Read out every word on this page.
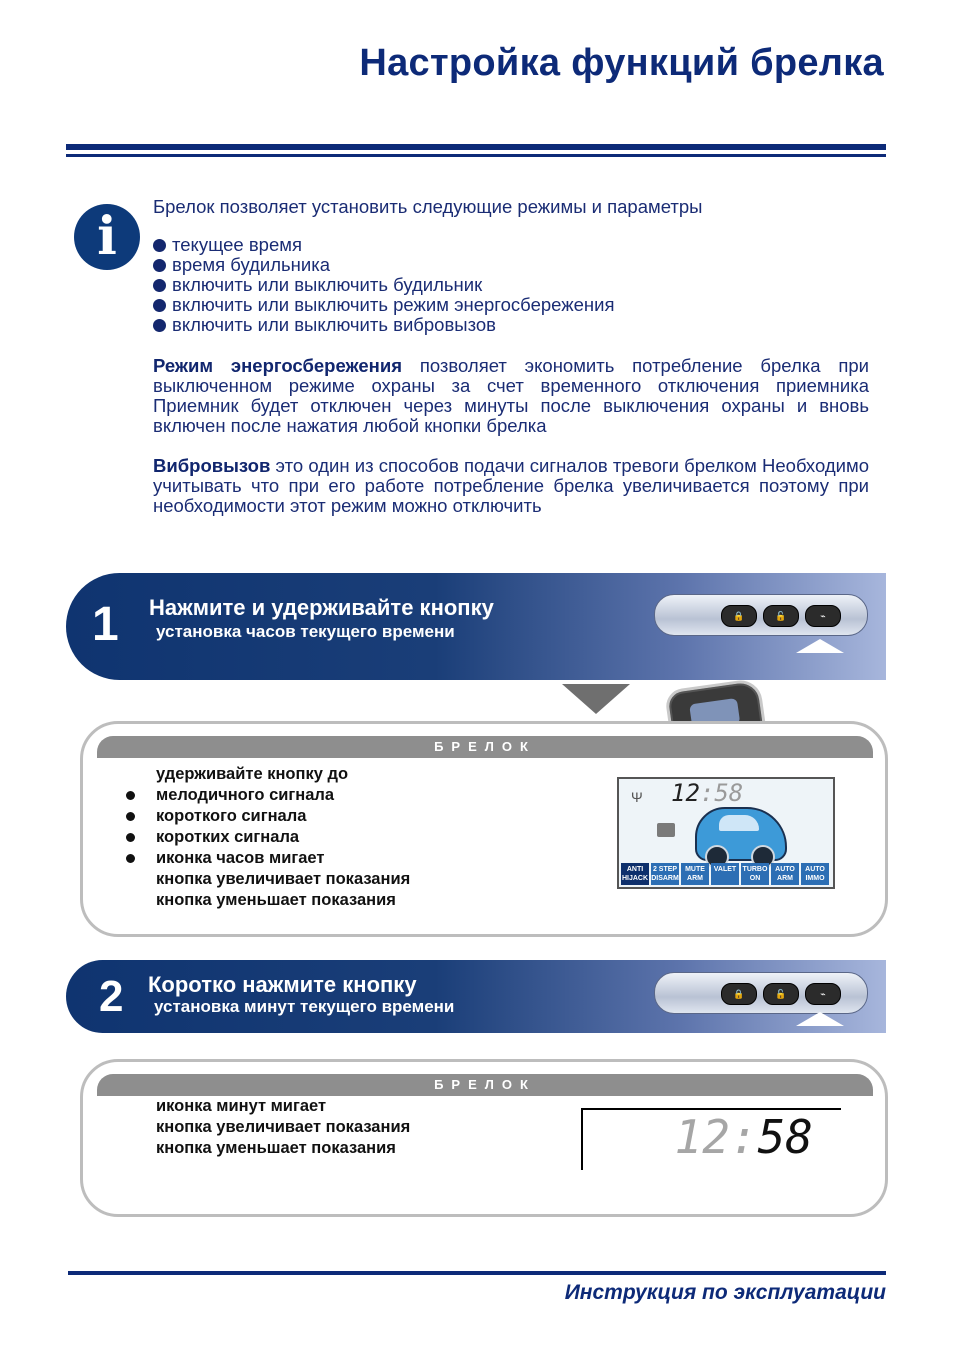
Настройка функций брелка
i	Брелок позволяет установить следующие режимы и параметры
текущее время
время будильника
включить или выключить будильник
включить или выключить режим энергосбережения
включить или выключить вибровызов

Режим энергосбережения позволяет экономить потребление брелка при выключенном режиме охраны за счет временного отключения приемника Приемник будет отключен через минуты после выключения охраны и вновь включен после нажатия любой кнопки брелка

Вибровызов это один из способов подачи сигналов тревоги брелком Необходимо учитывать что при его работе потребление брелка увеличивается поэтому при необходимости этот режим можно отключить

1 Нажмите и удерживайте кнопку
установка часов текущего времени
🔒	🔓	⌁
БРЕЛОК
удерживайте кнопку до
мелодичного сигнала
короткого сигнала
коротких сигнала
иконка часов мигает
кнопка увеличивает показания
кнопка уменьшает показания
Ψ 12:58
ANTI HIJACK
2 STEP DISARM
MUTE ARM
VALET TURBO ON
AUTO ARM
AUTO IMMO
2 Коротко нажмите кнопку
установка минут текущего времени
🔒	🔓	⌁
БРЕЛОК
иконка минут мигает
кнопка увеличивает показания
кнопка уменьшает показания	12:58
Инструкция по эксплуатации
